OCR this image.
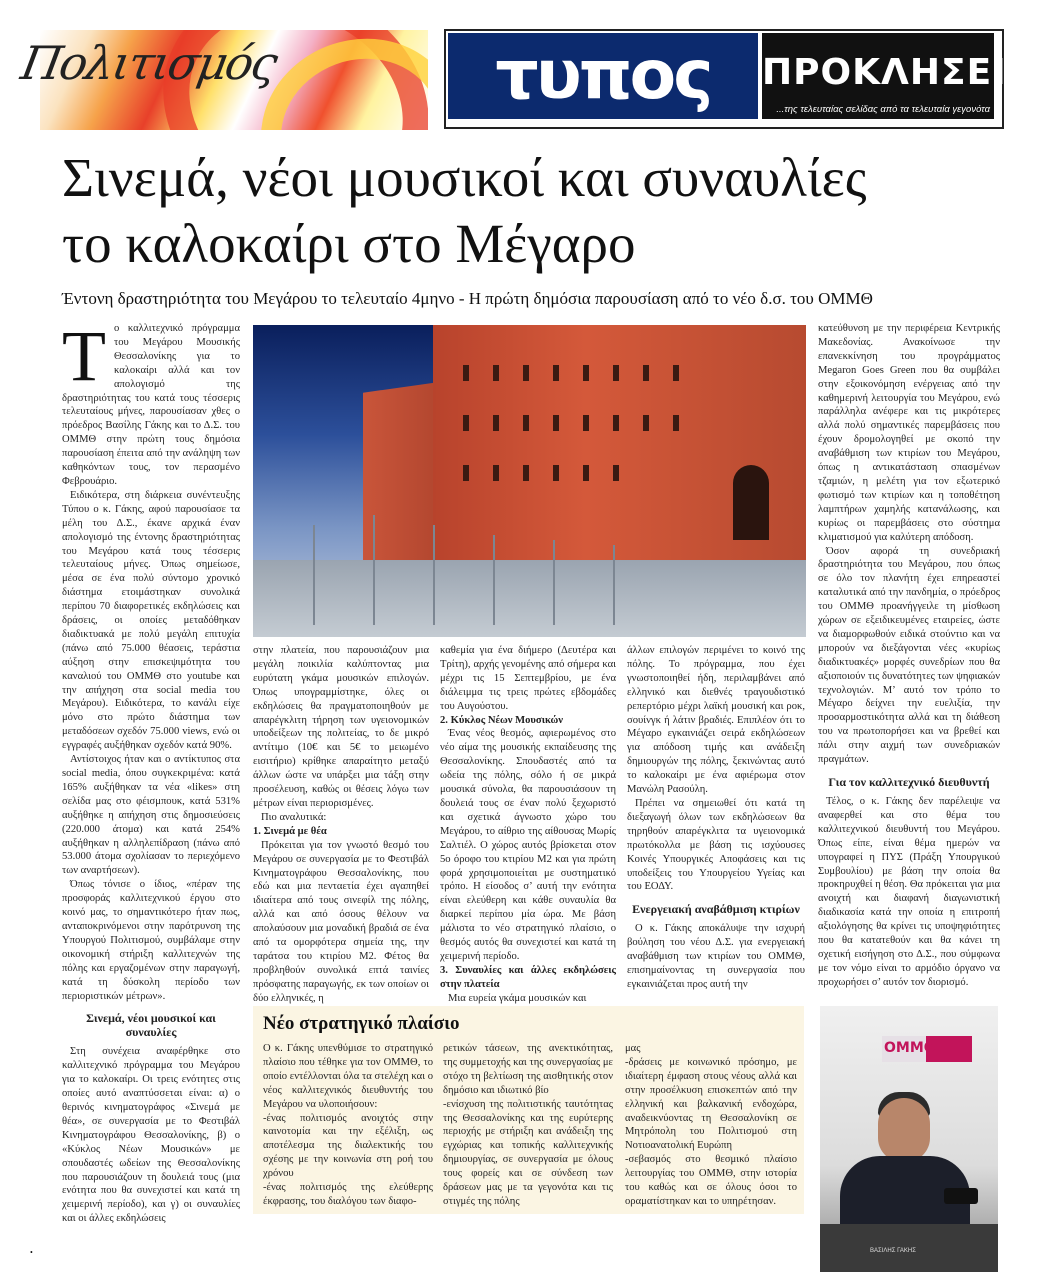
Πολιτισμός	τυπος	ΠΡΟΚΛΗΣΕΙΣ
...της τελευταίας σελίδας από τα τελευταία γεγονότα
Σινεμά, νέοι μουσικοί και συναυλίες
το καλοκαίρι στο Μέγαρο
Έντονη δραστηριότητα του Μεγάρου το τελευταίο 4μηνο - Η πρώτη δημόσια παρουσίαση από το νέο δ.σ. του ΟΜΜΘ
Τ ο καλλιτεχνικό πρόγραμμα του Μεγάρου Μουσικής Θεσσαλονίκης για το καλοκαίρι αλλά και τον απολογισμό της δραστηριότητας του κατά τους τέσσερις τελευταίους μήνες, παρουσίασαν χθες ο πρόεδρος Βασίλης Γάκης και το Δ.Σ. του ΟΜΜΘ στην πρώτη τους δημόσια παρουσίαση έπειτα από την ανάληψη των καθηκόντων τους, τον περασμένο Φεβρουάριο.

Ειδικότερα, στη διάρκεια συνέντευξης Τύπου ο κ. Γάκης, αφού παρουσίασε τα μέλη του Δ.Σ., έκανε αρχικά έναν απολογισμό της έντονης δραστηριότητας του Μεγάρου κατά τους τέσσερις τελευταίους μήνες. Όπως σημείωσε, μέσα σε ένα πολύ σύντομο χρονικό διάστημα ετοιμάστηκαν συνολικά περίπου 70 διαφορετικές εκδηλώσεις και δράσεις, οι οποίες μεταδόθηκαν διαδικτυακά με πολύ μεγάλη επιτυχία (πάνω από 75.000 θέασεις, τεράστια αύξηση στην επισκεψιμότητα του καναλιού του ΟΜΜΘ στο youtube και την απήχηση στα social media του Μεγάρου). Ειδικότερα, το κανάλι είχε μόνο στο πρώτο διάστημα των μεταδόσεων σχεδόν 75.000 views, ενώ οι εγγραφές αυξήθηκαν σχεδόν κατά 90%.

Αντίστοιχος ήταν και ο αντίκτυπος στα social media, όπου συγκεκριμένα: κατά 165% αυξήθηκαν τα νέα «likes» στη σελίδα μας στο φέισμπουκ, κατά 531% αυξήθηκε η απήχηση στις δημοσιεύσεις (220.000 άτομα) και κατά 254% αυξήθηκαν η αλληλεπίδραση (πάνω από 53.000 άτομα σχολίασαν το περιεχόμενο των αναρτήσεων).

Όπως τόνισε ο ίδιος, «πέραν της προσφοράς καλλιτεχνικού έργου στο κοινό μας, το σημαντικότερο ήταν πως, ανταποκρινόμενοι στην παρότρυνση της Υπουργού Πολιτισμού, συμβάλαμε στην οικονομική στήριξη καλλιτεχνών της πόλης και εργαζομένων στην παραγωγή, κατά τη δύσκολη περίοδο των περιοριστικών μέτρων».

Σινεμά, νέοι μουσικοί και συναυλίες

Στη συνέχεια αναφέρθηκε στο καλλιτεχνικό πρόγραμμα του Μεγάρου για το καλοκαίρι. Οι τρεις ενότητες στις οποίες αυτό αναπτύσσεται είναι: α) ο θερινός κινηματογράφος «Σινεμά με θέα», σε συνεργασία με το Φεστιβάλ Κινηματογράφου Θεσσαλονίκης, β) ο «Κύκλος Νέων Μουσικών» με σπουδαστές ωδείων της Θεσσαλονίκης που παρουσιάζουν τη δουλειά τους (μια ενότητα που θα συνεχιστεί και κατά τη χειμερινή περίοδο), και γ) οι συναυλίες και οι άλλες εκδηλώσεις

στην πλατεία, που παρουσιάζουν μια μεγάλη ποικιλία καλύπτοντας μια ευρύτατη γκάμα μουσικών επιλογών. Όπως υπογραμμίστηκε, όλες οι εκδηλώσεις θα πραγματοποιηθούν με απαρέγκλιτη τήρηση των υγειονομικών υποδείξεων της πολιτείας, το δε μικρό αντίτιμο (10€ και 5€ το μειωμένο εισιτήριο) κρίθηκε απαραίτητο μεταξύ άλλων ώστε να υπάρξει μια τάξη στην προσέλευση, καθώς οι θέσεις λόγω των μέτρων είναι περιορισμένες.

Πιο αναλυτικά:

1. Σινεμά με θέα

Πρόκειται για τον γνωστό θεσμό του Μεγάρου σε συνεργασία με το Φεστιβάλ Κινηματογράφου Θεσσαλονίκης, που εδώ και μια πενταετία έχει αγαπηθεί ιδιαίτερα από τους σινεφίλ της πόλης, αλλά και από όσους θέλουν να απολαύσουν μια μοναδική βραδιά σε ένα από τα ομορφότερα σημεία της, την ταράτσα του κτιρίου Μ2. Φέτος θα προβληθούν συνολικά επτά ταινίες πρόσφατης παραγωγής, εκ των οποίων οι δύο ελληνικές, η

καθεμία για ένα διήμερο (Δευτέρα και Τρίτη), αρχής γενομένης από σήμερα και μέχρι τις 15 Σεπτεμβρίου, με ένα διάλειμμα τις τρεις πρώτες εβδομάδες του Αυγούστου.

2. Κύκλος Νέων Μουσικών

Ένας νέος θεσμός, αφιερωμένος στο νέο αίμα της μουσικής εκπαίδευσης της Θεσσαλονίκης. Σπουδαστές από τα ωδεία της πόλης, σόλο ή σε μικρά μουσικά σύνολα, θα παρουσιάσουν τη δουλειά τους σε έναν πολύ ξεχωριστό και σχετικά άγνωστο χώρο του Μεγάρου, το αίθριο της αίθουσας Μωρίς Σαλτιέλ. Ο χώρος αυτός βρίσκεται στον 5ο όροφο του κτιρίου Μ2 και για πρώτη φορά χρησιμοποιείται με συστηματικό τρόπο. Η είσοδος σ’ αυτή την ενότητα είναι ελεύθερη και κάθε συναυλία θα διαρκεί περίπου μία ώρα. Με βάση μάλιστα το νέο στρατηγικό πλαίσιο, ο θεσμός αυτός θα συνεχιστεί και κατά τη χειμερινή περίοδο.

3. Συναυλίες και άλλες εκδηλώσεις στην πλατεία

Μια ευρεία γκάμα μουσικών και

άλλων επιλογών περιμένει το κοινό της πόλης. Το πρόγραμμα, που έχει γνωστοποιηθεί ήδη, περιλαμβάνει από ελληνικό και διεθνές τραγουδιστικό ρεπερτόριο μέχρι λαϊκή μουσική και ροκ, σουίνγκ ή λάτιν βραδιές. Επιπλέον ότι το Μέγαρο εγκαινιάζει σειρά εκδηλώσεων για απόδοση τιμής και ανάδειξη δημιουργών της πόλης, ξεκινώντας αυτό το καλοκαίρι με ένα αφιέρωμα στον Μανώλη Ρασούλη.

Πρέπει να σημειωθεί ότι κατά τη διεξαγωγή όλων των εκδηλώσεων θα τηρηθούν απαρέγκλιτα τα υγειονομικά πρωτόκολλα με βάση τις ισχύουσες Κοινές Υπουργικές Αποφάσεις και τις υποδείξεις του Υπουργείου Υγείας και του ΕΟΔΥ.

Ενεργειακή αναβάθμιση κτιρίων

Ο κ. Γάκης αποκάλυψε την ισχυρή βούληση του νέου Δ.Σ. για ενεργειακή αναβάθμιση των κτιρίων του ΟΜΜΘ, επισημαίνοντας τη συνεργασία που εγκαινιάζεται προς αυτή την

κατεύθυνση με την περιφέρεια Κεντρικής Μακεδονίας. Ανακοίνωσε την επανεκκίνηση του προγράμματος Megaron Goes Green που θα συμβάλει στην εξοικονόμηση ενέργειας από την καθημερινή λειτουργία του Μεγάρου, ενώ παράλληλα ανέφερε και τις μικρότερες αλλά πολύ σημαντικές παρεμβάσεις που έχουν δρομολογηθεί με σκοπό την αναβάθμιση των κτιρίων του Μεγάρου, όπως η αντικατάσταση σπασμένων τζαμιών, η μελέτη για τον εξωτερικό φωτισμό των κτιρίων και η τοποθέτηση λαμπτήρων χαμηλής κατανάλωσης, και κυρίως οι παρεμβάσεις στο σύστημα κλιματισμού για καλύτερη απόδοση.

Όσον αφορά τη συνεδριακή δραστηριότητα του Μεγάρου, που όπως σε όλο τον πλανήτη έχει επηρεαστεί καταλυτικά από την πανδημία, ο πρόεδρος του ΟΜΜΘ προανήγγειλε τη μίσθωση χώρων σε εξειδικευμένες εταιρείες, ώστε να διαμορφωθούν ειδικά στούντιο και να μπορούν να διεξάγονται νέες «κυρίως διαδικτυακές» μορφές συνεδρίων που θα αξιοποιούν τις δυνατότητες των ψηφιακών τεχνολογιών. Μ’ αυτό τον τρόπο το Μέγαρο δείχνει την ευελιξία, την προσαρμοστικότητα αλλά και τη διάθεση του να πρωτοπορήσει και να βρεθεί και πάλι στην αιχμή των συνεδριακών πραγμάτων.

Για τον καλλιτεχνικό διευθυντή

Τέλος, ο κ. Γάκης δεν παρέλειψε να αναφερθεί και στο θέμα του καλλιτεχνικού διευθυντή του Μεγάρου. Όπως είπε, είναι θέμα ημερών να υπογραφεί η ΠΥΣ (Πράξη Υπουργικού Συμβουλίου) με βάση την οποία θα προκηρυχθεί η θέση. Θα πρόκειται για μια ανοιχτή και διαφανή διαγωνιστική διαδικασία κατά την οποία η επιτροπή αξιολόγησης θα κρίνει τις υποψηφιότητες που θα κατατεθούν και θα κάνει τη σχετική εισήγηση στο Δ.Σ., που σύμφωνα με τον νόμο είναι το αρμόδιο όργανο να προχωρήσει σ’ αυτόν τον διορισμό.

Νέο στρατηγικό πλαίσιο

Ο κ. Γάκης υπενθύμισε το στρατηγικό πλαίσιο που τέθηκε για τον ΟΜΜΘ, το οποίο εντέλλονται όλα τα στελέχη και ο νέος καλλιτεχνικός διευθυντής του Μεγάρου να υλοποιήσουν:

-ένας πολιτισμός ανοιχτός στην καινοτομία και την εξέλιξη, ως αποτέλεσμα της διαλεκτικής του σχέσης με την κοινωνία στη ροή του χρόνου

-ένας πολιτισμός της ελεύθερης έκφρασης, του διαλόγου των διαφο-

ρετικών τάσεων, της ανεκτικότητας, της συμμετοχής και της συνεργασίας με στόχο τη βελτίωση της αισθητικής στον δημόσιο και ιδιωτικό βίο

-ενίσχυση της πολιτιστικής ταυτότητας της Θεσσαλονίκης και της ευρύτερης περιοχής με στήριξη και ανάδειξη της εγχώριας και τοπικής καλλιτεχνικής δημιουργίας, σε συνεργασία με όλους τους φορείς και σε σύνδεση των δράσεων μας με τα γεγονότα και τις στιγμές της πόλης

μας

-δράσεις με κοινωνικό πρόσημο, με ιδιαίτερη έμφαση στους νέους αλλά και στην προσέλκυση επισκεπτών από την ελληνική και βαλκανική ενδοχώρα, αναδεικνύοντας τη Θεσσαλονίκη σε Μητρόπολη του Πολιτισμού στη Νοτιοανατολική Ευρώπη

-σεβασμός στο θεσμικό πλαίσιο λειτουργίας του ΟΜΜΘ, στην ιστορία του καθώς και σε όλους όσοι το οραματίστηκαν και το υπηρέτησαν.

ΟΜΜΘ
ΒΑΣΙΛΗΣ ΓΑΚΗΣ
•
